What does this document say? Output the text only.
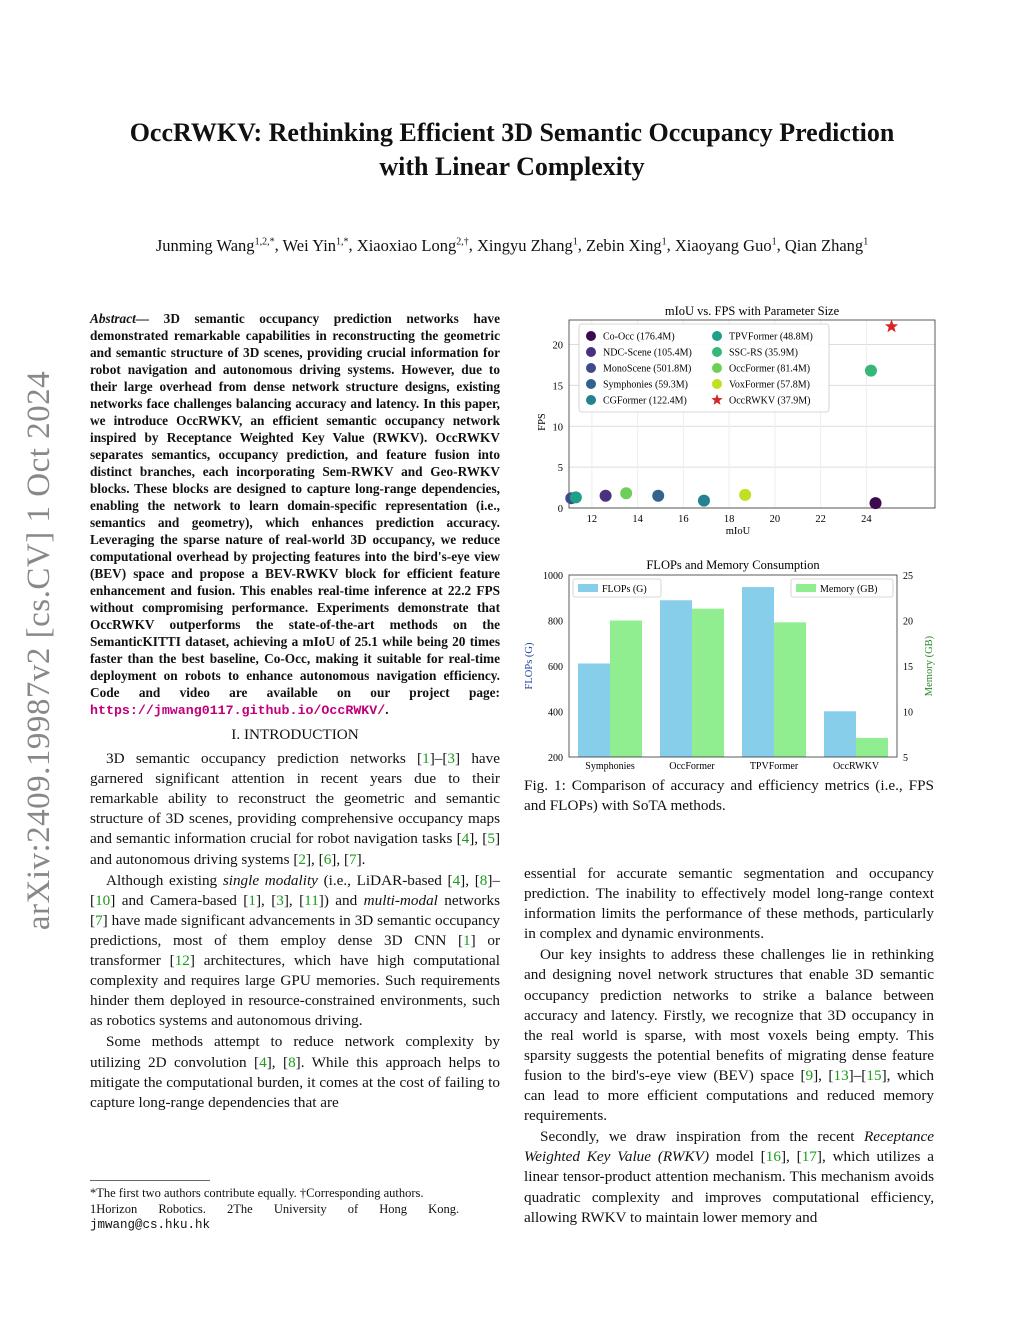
arXiv:2409.19987v2 [cs.CV] 1 Oct 2024
OccRWKV: Rethinking Efficient 3D Semantic Occupancy Prediction
with Linear Complexity
Junming Wang$^{1,2,*}$, Wei Yin$^{1,*}$, Xiaoxiao Long$^{2,\dagger}$, Xingyu Zhang$^1$, Zebin Xing$^1$, Xiaoyang Guo$^1$, Qian Zhang$^1$
Abstract— 3D semantic occupancy prediction networks have demonstrated remarkable capabilities in reconstructing the geometric and semantic structure of 3D scenes, providing crucial information for robot navigation and autonomous driving systems. However, due to their large overhead from dense network structure designs, existing networks face challenges balancing accuracy and latency. In this paper, we introduce OccRWKV, an efficient semantic occupancy network inspired by Receptance Weighted Key Value (RWKV). OccRWKV separates semantics, occupancy prediction, and feature fusion into distinct branches, each incorporating Sem-RWKV and Geo-RWKV blocks. These blocks are designed to capture long-range dependencies, enabling the network to learn domain-specific representation (i.e., semantics and geometry), which enhances prediction accuracy. Leveraging the sparse nature of real-world 3D occupancy, we reduce computational overhead by projecting features into the bird's-eye view (BEV) space and propose a BEV-RWKV block for efficient feature enhancement and fusion. This enables real-time inference at 22.2 FPS without compromising performance. Experiments demonstrate that OccRWKV outperforms the state-of-the-art methods on the SemanticKITTI dataset, achieving a mIoU of 25.1 while being 20 times faster than the best baseline, Co-Occ, making it suitable for real-time deployment on robots to enhance autonomous navigation efficiency. Code and video are available on our project page: https://jmwang0117.github.io/OccRWKV/.
I. INTRODUCTION

3D semantic occupancy prediction networks [1]–[3] have garnered significant attention in recent years due to their remarkable ability to reconstruct the geometric and semantic structure of 3D scenes, providing comprehensive occupancy maps and semantic information crucial for robot navigation tasks [4], [5] and autonomous driving systems [2], [6], [7].

Although existing single modality (i.e., LiDAR-based [4], [8]–[10] and Camera-based [1], [3], [11]) and multi-modal networks [7] have made significant advancements in 3D semantic occupancy predictions, most of them employ dense 3D CNN [1] or transformer [12] architectures, which have high computational complexity and requires large GPU memories. Such requirements hinder them deployed in resource-constrained environments, such as robotics systems and autonomous driving.

Some methods attempt to reduce network complexity by utilizing 2D convolution [4], [8]. While this approach helps to mitigate the computational burden, it comes at the cost of failing to capture long-range dependencies that are

*The first two authors contribute equally. †Corresponding authors.
1Horizon Robotics. 2The University of Hong Kong.
jmwang@cs.hku.hk
mIoU vs. FPS with Parameter Size
0
5
10
15
20
12	14	16	18	20	22	24
mIoU
FPS
Co-Occ (176.4M)
NDC-Scene (105.4M)
MonoScene (501.8M)
Symphonies (59.3M)
CGFormer (122.4M)
TPVFormer (48.8M)
SSC-RS (35.9M)
OccFormer (81.4M)
VoxFormer (57.8M)
OccRWKV (37.9M)

FLOPs and Memory Consumption
200
400
600
800
1000
5
10
15
20
25
Symphonies	OccFormer	TPVFormer	OccRWKV
FLOPs (G)	Memory (GB)
FLOPs (G)	Memory (GB)
Fig. 1: Comparison of accuracy and efficiency metrics (i.e., FPS and FLOPs) with SoTA methods.

essential for accurate semantic segmentation and occupancy prediction. The inability to effectively model long-range context information limits the performance of these methods, particularly in complex and dynamic environments.

Our key insights to address these challenges lie in rethinking and designing novel network structures that enable 3D semantic occupancy prediction networks to strike a balance between accuracy and latency. Firstly, we recognize that 3D occupancy in the real world is sparse, with most voxels being empty. This sparsity suggests the potential benefits of migrating dense feature fusion to the bird's-eye view (BEV) space [9], [13]–[15], which can lead to more efficient computations and reduced memory requirements.

Secondly, we draw inspiration from the recent Receptance Weighted Key Value (RWKV) model [16], [17], which utilizes a linear tensor-product attention mechanism. This mechanism avoids quadratic complexity and improves computational efficiency, allowing RWKV to maintain lower memory and
